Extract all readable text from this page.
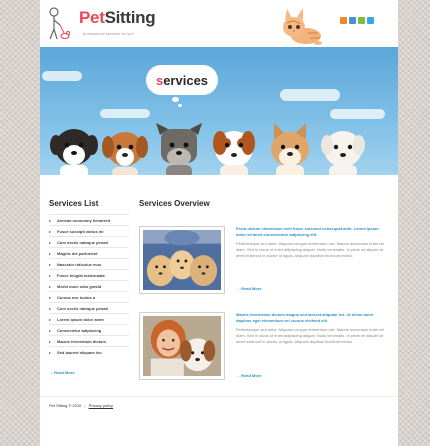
PetSitting
professional services for you
s ervices
Services List
▸ Aenean nonummy hendrerit
▸ Fusce suscipit varius mi
▸ Cum sociis natoque penati
▸ Magnis dis parturient
▸ Nascetur ridiculus mus
▸ Fusce feugiat malesuada
▸ Morbi nunc odio gravid
▸ Cursus nec luctus a
▸ Cum sociis natoque penati
▸ Lorem ipsum dolor amet
▸ Consectetur adipiscing
▸ Mauris fermentum dictum
▸ Sed laoreet aliquam leo
→ Read More
Services Overview

Proin dictum elementum velit fusce euismod consequat ante. Lorem ipsum dolor sit amet consectetuer adipiscing elit.

Pellentesque sed dolor. Aliquam congue fermentum nisl. Mauris accumsan nulla vel diam. Sed in lacus ut enim adipiscing aliquet. Nulla venenatis. In pede mi aliquet sit amet euismod in auctor ut ligula. Aliquam dapibus tincidunt metus.

→ Read More

Mauris fermentum dictum magna sed laoreet aliquam leo. Ut tellus dolor dapibus eget elementum vel cursus eleifend elit.

Pellentesque sed dolor. Aliquam congue fermentum nisl. Mauris accumsan nulla vel diam. Sed in lacus ut enim adipiscing aliquet. Nulla venenatis. In pede mi aliquet sit amet euismod in auctor ut ligula. Aliquam dapibus tincidunt metus.

→ Read More
Pet Sitting © 2010 | Privacy policy
